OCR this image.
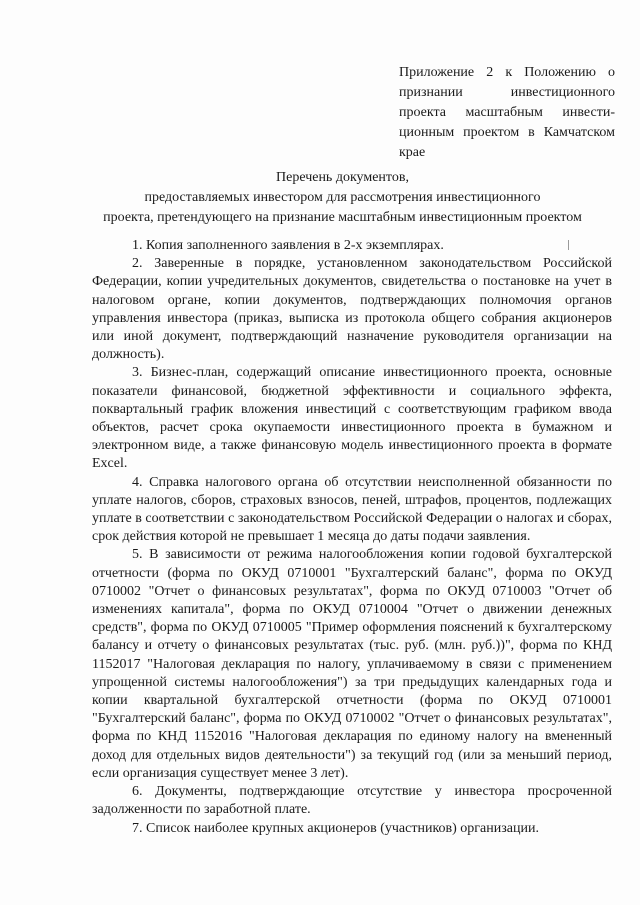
Приложение 2 к Положению о признании инвестиционного проекта масштабным инвестиционным проектом в Камчатском крае
Перечень документов,
предоставляемых инвестором для рассмотрения инвестиционного
проекта, претендующего на признание масштабным инвестиционным проектом

1. Копия заполненного заявления в 2-х экземплярах.

2. Заверенные в порядке, установленном законодательством Российской Федерации, копии учредительных документов, свидетельства о постановке на учет в налоговом органе, копии документов, подтверждающих полномочия органов управления инвестора (приказ, выписка из протокола общего собрания акционеров или иной документ, подтверждающий назначение руководителя организации на должность).

3. Бизнес-план, содержащий описание инвестиционного проекта, основные показатели финансовой, бюджетной эффективности и социального эффекта, поквартальный график вложения инвестиций с соответствующим графиком ввода объектов, расчет срока окупаемости инвестиционного проекта в бумажном и электронном виде, а также финансовую модель инвестиционного проекта в формате Excel.

4. Справка налогового органа об отсутствии неисполненной обязанности по уплате налогов, сборов, страховых взносов, пеней, штрафов, процентов, подлежащих уплате в соответствии с законодательством Российской Федерации о налогах и сборах, срок действия которой не превышает 1 месяца до даты подачи заявления.

5. В зависимости от режима налогообложения копии годовой бухгалтерской отчетности (форма по ОКУД 0710001 "Бухгалтерский баланс", форма по ОКУД 0710002 "Отчет о финансовых результатах", форма по ОКУД 0710003 "Отчет об изменениях капитала", форма по ОКУД 0710004 "Отчет о движении денежных средств", форма по ОКУД 0710005 "Пример оформления пояснений к бухгалтерскому балансу и отчету о финансовых результатах (тыс. руб. (млн. руб.))", форма по КНД 1152017 "Налоговая декларация по налогу, уплачиваемому в связи с применением упрощенной системы налогообложения") за три предыдущих календарных года и копии квартальной бухгалтерской отчетности (форма по ОКУД 0710001 "Бухгалтерский баланс", форма по ОКУД 0710002 "Отчет о финансовых результатах", форма по КНД 1152016 "Налоговая декларация по единому налогу на вмененный доход для отдельных видов деятельности") за текущий год (или за меньший период, если организация существует менее 3 лет).

6. Документы, подтверждающие отсутствие у инвестора просроченной задолженности по заработной плате.

7. Список наиболее крупных акционеров (участников) организации.
